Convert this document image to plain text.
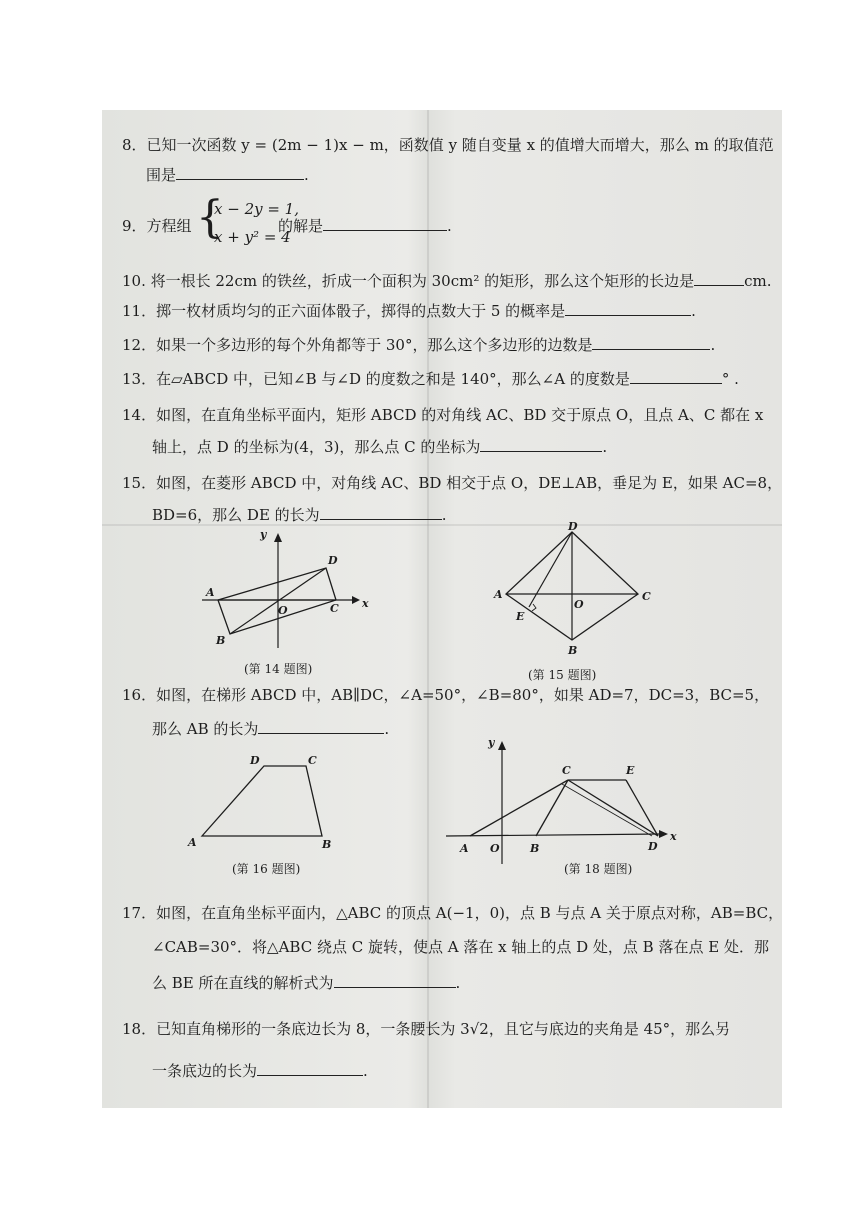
8．已知一次函数 y = (2m − 1)x − m，函数值 y 随自变量 x 的值增大而增大，那么 m 的取值范
围是	.
9．方程组 {
x − 2y = 1,
x + y² = 4
的解是	.
10. 将一根长 22cm 的铁丝，折成一个面积为 30cm² 的矩形，那么这个矩形的长边是	cm.
11．掷一枚材质均匀的正六面体骰子，掷得的点数大于 5 的概率是	.
12．如果一个多边形的每个外角都等于 30°，那么这个多边形的边数是	.
13．在▱ABCD 中，已知∠B 与∠D 的度数之和是 140°，那么∠A 的度数是	° .
14．如图，在直角坐标平面内，矩形 ABCD 的对角线 AC、BD 交于原点 O，且点 A、C 都在 x
轴上，点 D 的坐标为(4，3)，那么点 C 的坐标为	.
15．如图，在菱形 ABCD 中，对角线 AC、BD 相交于点 O，DE⊥AB，垂足为 E，如果 AC=8，
BD=6，那么 DE 的长为	.
y
x
A
B
C
D
O
(第 14 题图)
D
A	C
B
E
O
(第 15 题图)
16．如图，在梯形 ABCD 中，AB∥DC，∠A=50°，∠B=80°，如果 AD=7，DC=3，BC=5，
那么 AB 的长为	.
D	C
A	B
(第 16 题图)
y
x
A O	B
C	E
D
(第 18 题图)
17．如图，在直角坐标平面内，△ABC 的顶点 A(−1，0)，点 B 与点 A 关于原点对称，AB=BC，
∠CAB=30°．将△ABC 绕点 C 旋转，使点 A 落在 x 轴上的点 D 处，点 B 落在点 E 处．那
么 BE 所在直线的解析式为	.
18．已知直角梯形的一条底边长为 8，一条腰长为 3√2，且它与底边的夹角是 45°，那么另
一条底边的长为	.
